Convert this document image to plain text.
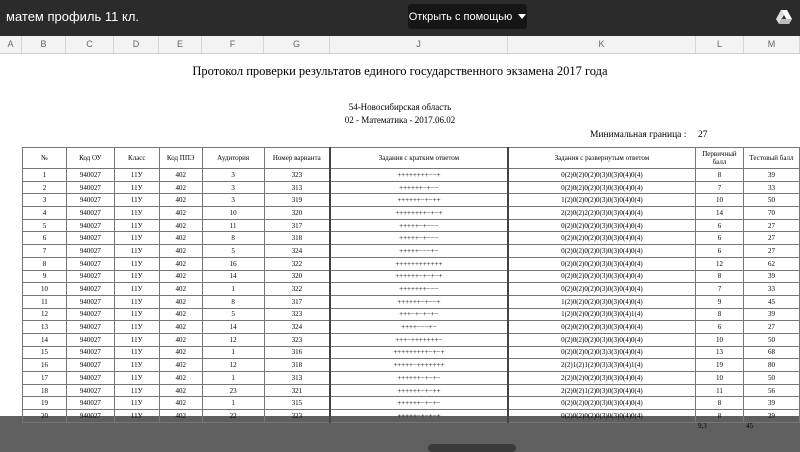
матем профиль 11 кл.	Открыть с помощью
A	B	C	D	E	F	G	J	K	L	M
Протокол проверки результатов единого государственного экзамена 2017 года
54-Новосибирская область
02 - Математика - 2017.06.02
Минимальная граница : 27
№	Код ОУ	Класс	Код ППЭ	Аудитория	Номер варианта	Задания с кратким ответом	Задания с развернутым ответом	Первичный балл	Тестовый балл
1	940027	11У	402	3	323	++++++++−−+	0(2)0(2)0(2)0(3)0(3)0(4)0(4)	8	39
2	940027	11У	402	3	313	++++++−+−−	0(2)0(2)0(2)0(3)0(3)0(4)0(4)	7	33
3	940027	11У	402	3	319	++++++−+−++	1(2)0(2)0(2)0(3)0(3)0(4)0(4)	10	50
4	940027	11У	402	10	320	++++++++−+−+	2(2)0(2)2(2)0(3)0(3)0(4)0(4)	14	70
5	940027	11У	402	11	317	+++++−+−−−	0(2)0(2)0(2)0(3)0(3)0(4)0(4)	6	27
6	940027	11У	402	8	318	+++++−+−−−	0(2)0(2)0(2)0(3)0(3)0(4)0(4)	6	27
7	940027	11У	402	5	324	+++++−−−+−	0(2)0(2)0(2)0(3)0(3)0(4)0(4)	6	27
8	940027	11У	402	16	322	++++++++++++	0(2)0(2)0(2)0(3)0(3)0(4)0(4)	12	62
9	940027	11У	402	14	320	++++++−+−+−+	0(2)0(2)0(2)0(3)0(3)0(4)0(4)	8	39
10	940027	11У	402	1	322	+++++++−−−	0(2)0(2)0(2)0(3)0(3)0(4)0(4)	7	33
11	940027	11У	402	8	317	++++++−+−−+	1(2)0(2)0(2)0(3)0(3)0(4)0(4)	9	45
12	940027	11У	402	5	323	+++−+−+−+−	1(2)0(2)0(2)0(3)0(3)0(4)1(4)	8	39
13	940027	11У	402	14	324	++++−−−+−	0(2)0(2)0(2)0(3)0(3)0(4)0(4)	6	27
14	940027	11У	402	12	323	+++−+++++++−	0(2)0(2)0(2)0(3)0(3)0(4)0(4)	10	50
15	940027	11У	402	1	316	+++++++++−+−+	0(2)0(2)0(2)0(3)3(3)0(4)0(4)	13	68
16	940027	11У	402	12	318	+++++−+++++++	2(2)1(2)1(2)0(3)3(3)0(4)1(4)	19	80
17	940027	11У	402	1	313	++++++−+−+−	2(2)0(2)0(2)0(3)0(3)0(4)0(4)	10	50
18	940027	11У	402	23	321	++++++−+−++	2(2)0(2)1(2)0(3)0(3)0(4)0(4)	11	56
19	940027	11У	402	1	315	++++++−+−+−	0(2)0(2)0(2)0(3)0(3)0(4)0(4)	8	39
20	940027	11У	402	22	323	+++++−+−+−+	0(2)0(2)0(2)0(3)0(3)0(4)0(4)	8	39
9,3	45
